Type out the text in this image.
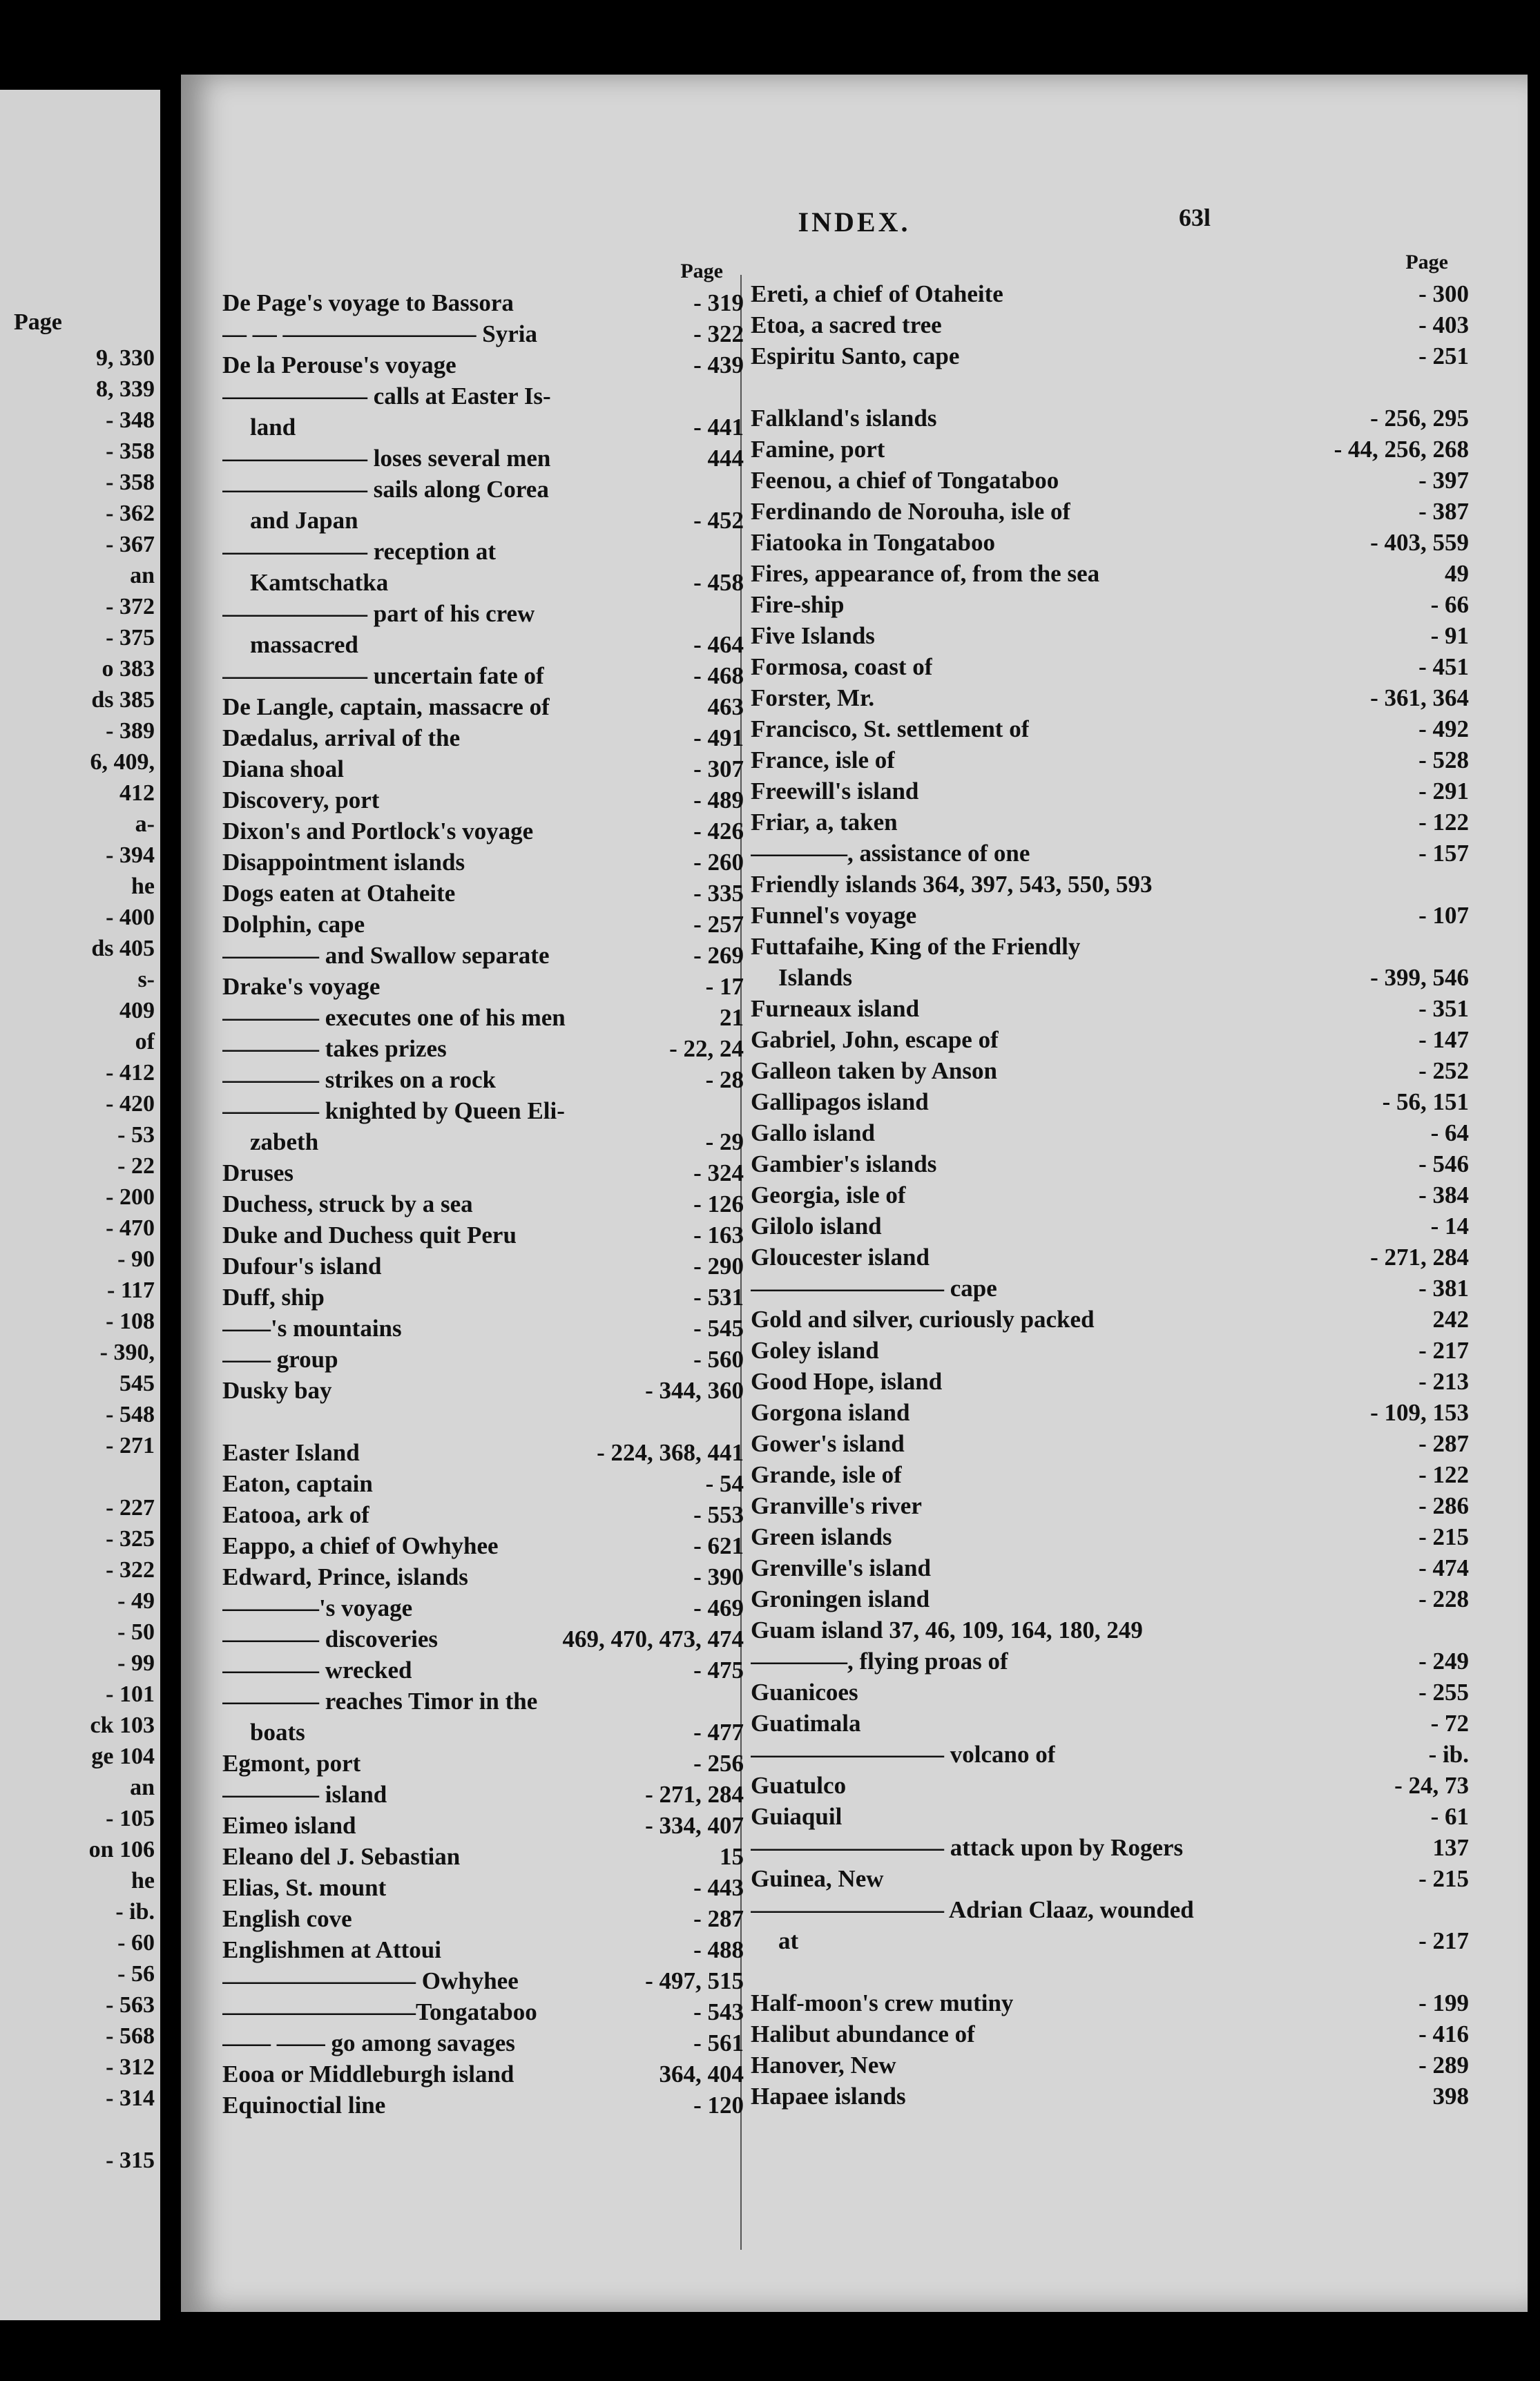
Page
9, 330
8, 339
- 348
- 358
- 358
- 362
- 367
an
- 372
- 375
o 383
ds 385
- 389
6, 409,
412
a-
- 394
he
- 400
ds 405
s-
409
of
- 412
- 420
- 53
- 22
- 200
- 470
- 90
- 117
- 108
- 390,
545
- 548
- 271
- 227
- 325
- 322
- 49
- 50
- 99
- 101
ck 103
ge 104
an
- 105
on 106
he
- ib.
- 60
- 56
- 563
- 568
- 312
- 314
- 315
INDEX.	63l
Page
De Page's voyage to Bassora	- 319
— — ———————— Syria	- 322
De la Perouse's voyage	- 439
—————— calls at Easter Is-
land	- 441
—————— loses several men	444
—————— sails along Corea
and Japan	- 452
—————— reception at
Kamtschatka	- 458
—————— part of his crew
massacred	- 464
—————— uncertain fate of	- 468
De Langle, captain, massacre of	463
Dædalus, arrival of the	- 491
Diana shoal	- 307
Discovery, port	- 489
Dixon's and Portlock's voyage	- 426
Disappointment islands	- 260
Dogs eaten at Otaheite	- 335
Dolphin, cape	- 257
———— and Swallow separate	- 269
Drake's voyage	- 17
———— executes one of his men	21
———— takes prizes	- 22, 24
———— strikes on a rock	- 28
———— knighted by Queen Eli-
zabeth	- 29
Druses	- 324
Duchess, struck by a sea	- 126
Duke and Duchess quit Peru	- 163
Dufour's island	- 290
Duff, ship	- 531
——'s mountains	- 545
—— group	- 560
Dusky bay	- 344, 360
Easter Island	- 224, 368, 441
Eaton, captain	- 54
Eatooa, ark of	- 553
Eappo, a chief of Owhyhee	- 621
Edward, Prince, islands	- 390
————'s voyage	- 469
———— discoveries	469, 470, 473, 474
———— wrecked	- 475
———— reaches Timor in the
boats	- 477
Egmont, port	- 256
———— island	- 271, 284
Eimeo island	- 334, 407
Eleano del J. Sebastian	15
Elias, St. mount	- 443
English cove	- 287
Englishmen at Attoui	- 488
———————— Owhyhee	- 497, 515
————————Tongataboo	- 543
—— —— go among savages	- 561
Eooa or Middleburgh island	364, 404
Equinoctial line	- 120
Page
Ereti, a chief of Otaheite	- 300
Etoa, a sacred tree	- 403
Espiritu Santo, cape	- 251
Falkland's islands	- 256, 295
Famine, port	- 44, 256, 268
Feenou, a chief of Tongataboo	- 397
Ferdinando de Norouha, isle of	- 387
Fiatooka in Tongataboo	- 403, 559
Fires, appearance of, from the sea	49
Fire-ship	- 66
Five Islands	- 91
Formosa, coast of	- 451
Forster, Mr.	- 361, 364
Francisco, St. settlement of	- 492
France, isle of	- 528
Freewill's island	- 291
Friar, a, taken	- 122
————, assistance of one	- 157
Friendly islands 364, 397, 543, 550, 593
Funnel's voyage	- 107
Futtafaihe, King of the Friendly
Islands	- 399, 546
Furneaux island	- 351
Gabriel, John, escape of	- 147
Galleon taken by Anson	- 252
Gallipagos island	- 56, 151
Gallo island	- 64
Gambier's islands	- 546
Georgia, isle of	- 384
Gilolo island	- 14
Gloucester island	- 271, 284
———————— cape	- 381
Gold and silver, curiously packed	242
Goley island	- 217
Good Hope, island	- 213
Gorgona island	- 109, 153
Gower's island	- 287
Grande, isle of	- 122
Granville's river	- 286
Green islands	- 215
Grenville's island	- 474
Groningen island	- 228
Guam island 37, 46, 109, 164, 180, 249
————, flying proas of	- 249
Guanicoes	- 255
Guatimala	- 72
———————— volcano of	- ib.
Guatulco	- 24, 73
Guiaquil	- 61
———————— attack upon by Rogers	137
Guinea, New	- 215
———————— Adrian Claaz, wounded
at	- 217
Half-moon's crew mutiny	- 199
Halibut abundance of	- 416
Hanover, New	- 289
Hapaee islands	398
